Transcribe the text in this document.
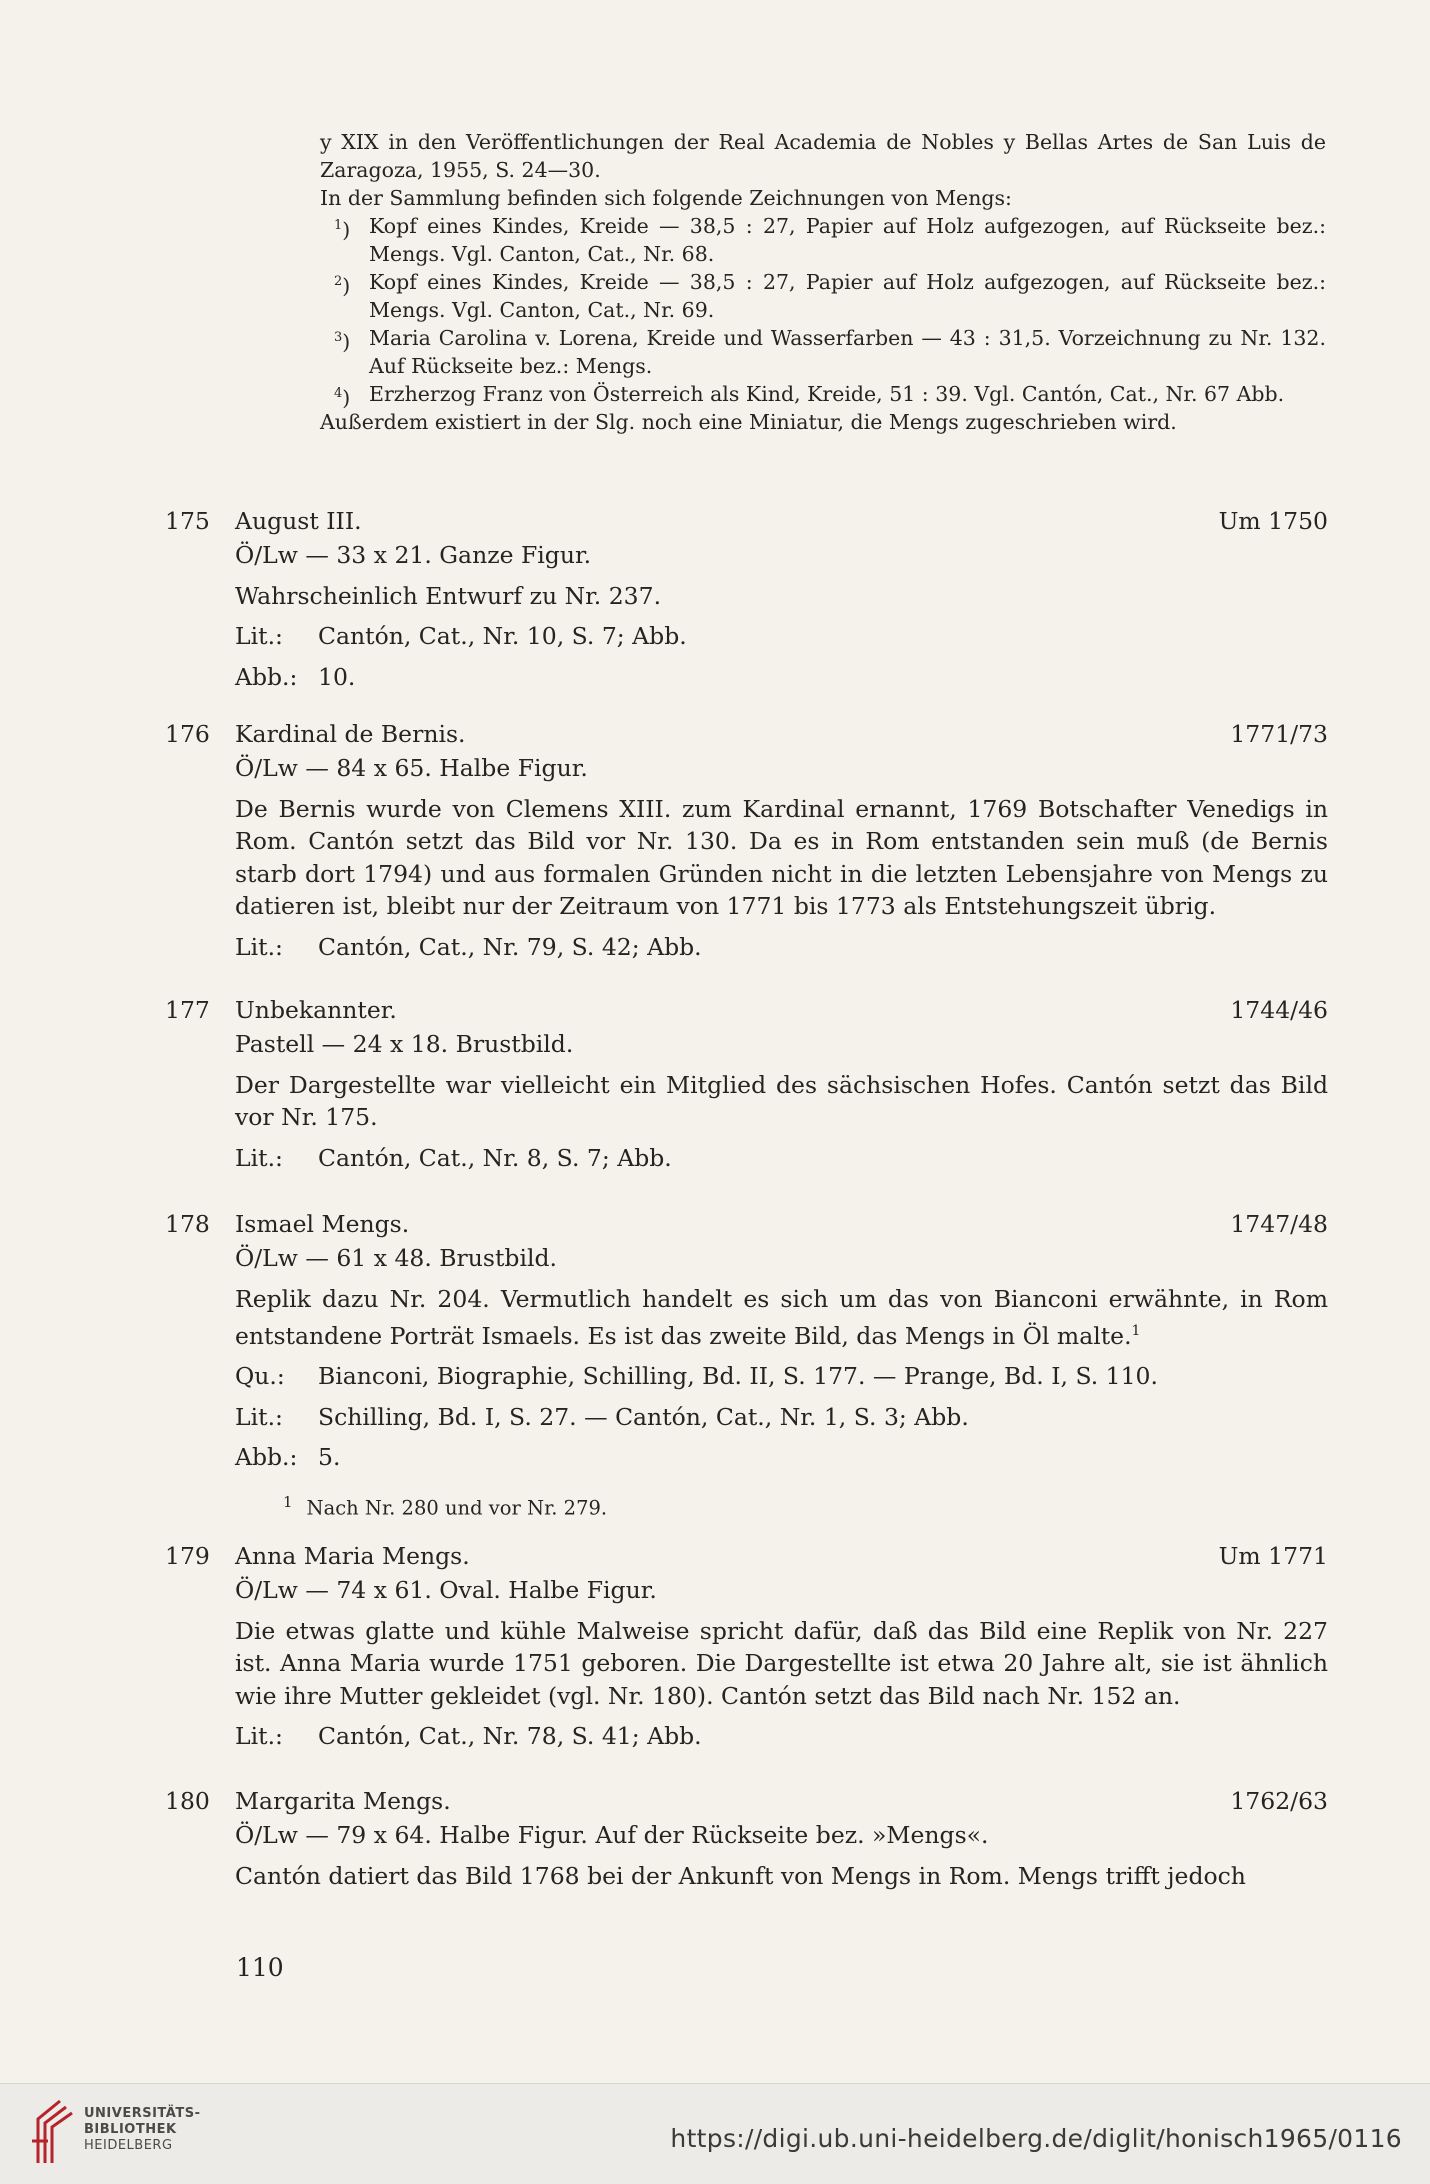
y XIX in den Veröffentlichungen der Real Academia de Nobles y Bellas Artes de San Luis de Zaragoza, 1955, S. 24—30.

In der Sammlung befinden sich folgende Zeichnungen von Mengs:

$^1$) Kopf eines Kindes, Kreide — 38,5 : 27, Papier auf Holz aufgezogen, auf Rückseite bez.: Mengs. Vgl. Canton, Cat., Nr. 68.

$^2$) Kopf eines Kindes, Kreide — 38,5 : 27, Papier auf Holz aufgezogen, auf Rückseite bez.: Mengs. Vgl. Canton, Cat., Nr. 69.

$^3$) Maria Carolina v. Lorena, Kreide und Wasserfarben — 43 : 31,5. Vorzeichnung zu Nr. 132. Auf Rückseite bez.: Mengs.

$^4$) Erzherzog Franz von Österreich als Kind, Kreide, 51 : 39. Vgl. Cantón, Cat., Nr. 67 Abb.

Außerdem existiert in der Slg. noch eine Miniatur, die Mengs zugeschrieben wird.

175 August III.	Um 1750

Ö/Lw — 33 x 21. Ganze Figur.

Wahrscheinlich Entwurf zu Nr. 237.

Lit.:	Cantón, Cat., Nr. 10, S. 7; Abb.

Abb.: 10.

176 Kardinal de Bernis.	1771/73

Ö/Lw — 84 x 65. Halbe Figur.

De Bernis wurde von Clemens XIII. zum Kardinal ernannt, 1769 Botschafter Venedigs in Rom. Cantón setzt das Bild vor Nr. 130. Da es in Rom entstanden sein muß (de Bernis starb dort 1794) und aus formalen Gründen nicht in die letzten Lebensjahre von Mengs zu datieren ist, bleibt nur der Zeitraum von 1771 bis 1773 als Entstehungszeit übrig.

Lit.:	Cantón, Cat., Nr. 79, S. 42; Abb.

177 Unbekannter.	1744/46

Pastell — 24 x 18. Brustbild.

Der Dargestellte war vielleicht ein Mitglied des sächsischen Hofes. Cantón setzt das Bild vor Nr. 175.

Lit.:	Cantón, Cat., Nr. 8, S. 7; Abb.

178 Ismael Mengs.	1747/48

Ö/Lw — 61 x 48. Brustbild.

Replik dazu Nr. 204. Vermutlich handelt es sich um das von Bianconi erwähnte, in Rom entstandene Porträt Ismaels. Es ist das zweite Bild, das Mengs in Öl malte.$^1$

Qu.:	Bianconi, Biographie, Schilling, Bd. II, S. 177. — Prange, Bd. I, S. 110.

Lit.:	Schilling, Bd. I, S. 27. — Cantón, Cat., Nr. 1, S. 3; Abb.

Abb.: 5.

$^1$ Nach Nr. 280 und vor Nr. 279.

179 Anna Maria Mengs.	Um 1771

Ö/Lw — 74 x 61. Oval. Halbe Figur.

Die etwas glatte und kühle Malweise spricht dafür, daß das Bild eine Replik von Nr. 227 ist. Anna Maria wurde 1751 geboren. Die Dargestellte ist etwa 20 Jahre alt, sie ist ähnlich wie ihre Mutter gekleidet (vgl. Nr. 180). Cantón setzt das Bild nach Nr. 152 an.

Lit.:	Cantón, Cat., Nr. 78, S. 41; Abb.

180 Margarita Mengs.	1762/63

Ö/Lw — 79 x 64. Halbe Figur. Auf der Rückseite bez. »Mengs«.

Cantón datiert das Bild 1768 bei der Ankunft von Mengs in Rom. Mengs trifft jedoch

110
UNIVERSITÄTS-
BIBLIOTHEK
HEIDELBERG	https://digi.ub.uni-heidelberg.de/diglit/honisch1965/0116
